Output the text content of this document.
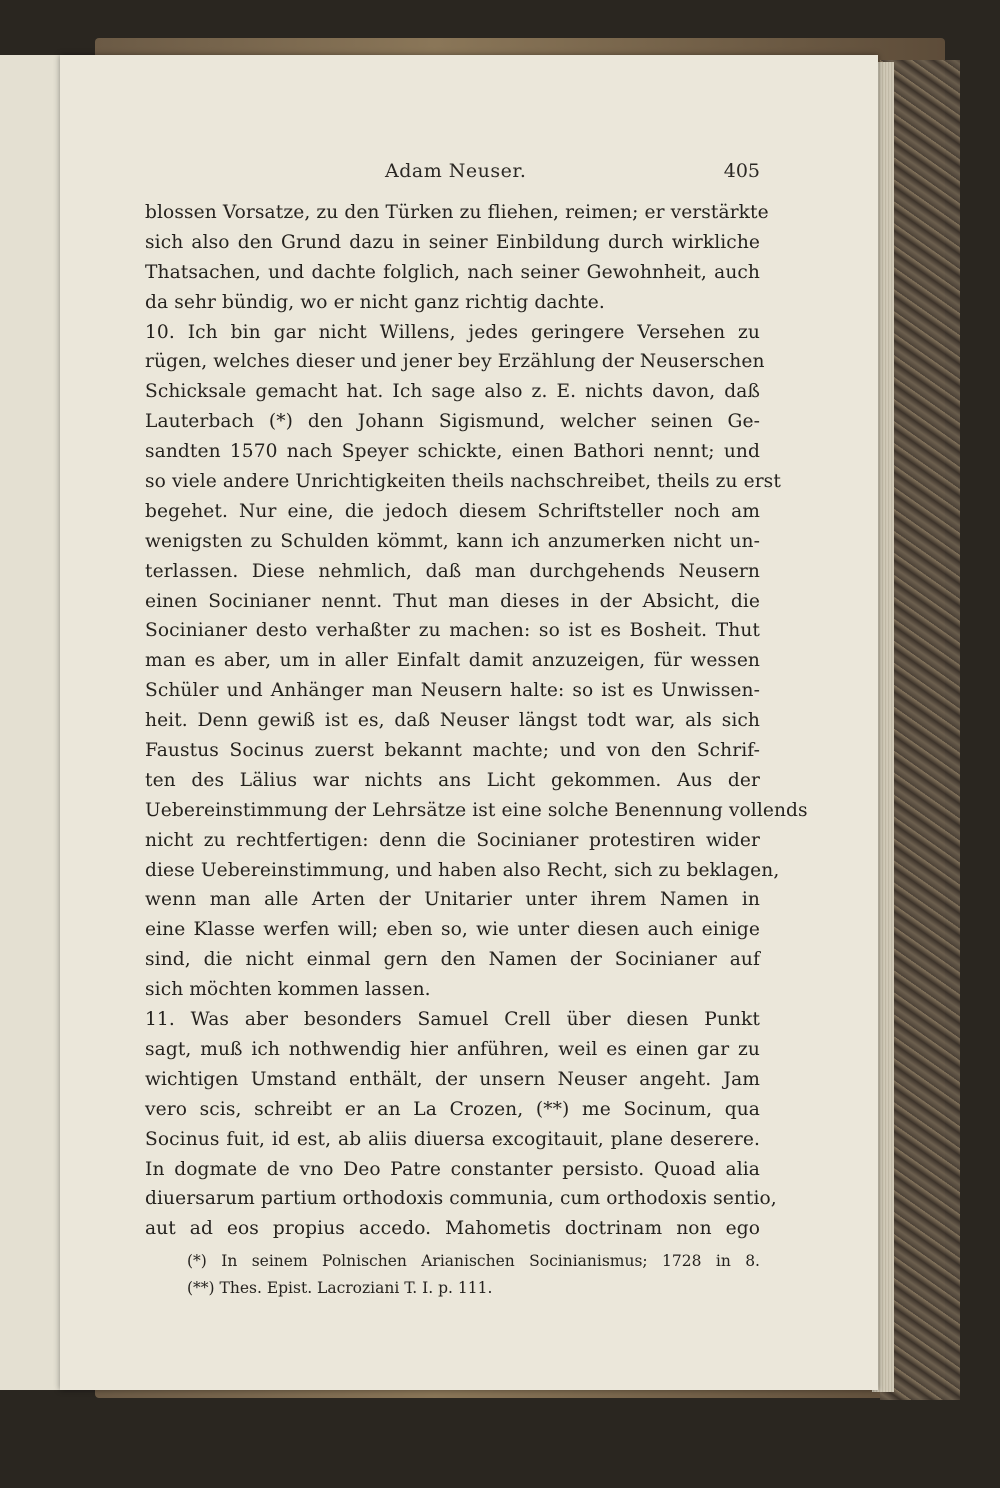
Adam Neuser.	405
blossen Vorsatze, zu den Türken zu fliehen, reimen; er verstärkte
sich also den Grund dazu in seiner Einbildung durch wirkliche
Thatsachen, und dachte folglich, nach seiner Gewohnheit, auch
da sehr bündig, wo er nicht ganz richtig dachte.
10. Ich bin gar nicht Willens, jedes geringere Versehen zu
rügen, welches dieser und jener bey Erzählung der Neuserschen
Schicksale gemacht hat. Ich sage also z. E. nichts davon, daß
Lauterbach (*) den Johann Sigismund, welcher seinen Ge-
sandten 1570 nach Speyer schickte, einen Bathori nennt; und
so viele andere Unrichtigkeiten theils nachschreibet, theils zu erst
begehet. Nur eine, die jedoch diesem Schriftsteller noch am
wenigsten zu Schulden kömmt, kann ich anzumerken nicht un-
terlassen. Diese nehmlich, daß man durchgehends Neusern
einen Socinianer nennt. Thut man dieses in der Absicht, die
Socinianer desto verhaßter zu machen: so ist es Bosheit. Thut
man es aber, um in aller Einfalt damit anzuzeigen, für wessen
Schüler und Anhänger man Neusern halte: so ist es Unwissen-
heit. Denn gewiß ist es, daß Neuser längst todt war, als sich
Faustus Socinus zuerst bekannt machte; und von den Schrif-
ten des Lälius war nichts ans Licht gekommen. Aus der
Uebereinstimmung der Lehrsätze ist eine solche Benennung vollends
nicht zu rechtfertigen: denn die Socinianer protestiren wider
diese Uebereinstimmung, und haben also Recht, sich zu beklagen,
wenn man alle Arten der Unitarier unter ihrem Namen in
eine Klasse werfen will; eben so, wie unter diesen auch einige
sind, die nicht einmal gern den Namen der Socinianer auf
sich möchten kommen lassen.
11. Was aber besonders Samuel Crell über diesen Punkt
sagt, muß ich nothwendig hier anführen, weil es einen gar zu
wichtigen Umstand enthält, der unsern Neuser angeht. Jam
vero scis, schreibt er an La Crozen, (**) me Socinum, qua
Socinus fuit, id est, ab aliis diuersa excogitauit, plane deserere.
In dogmate de vno Deo Patre constanter persisto. Quoad alia
diuersarum partium orthodoxis communia, cum orthodoxis sentio,
aut ad eos propius accedo. Mahometis doctrinam non ego
(*) In seinem Polnischen Arianischen Socinianismus; 1728 in 8.
(**) Thes. Epist. Lacroziani T. I. p. 111.
